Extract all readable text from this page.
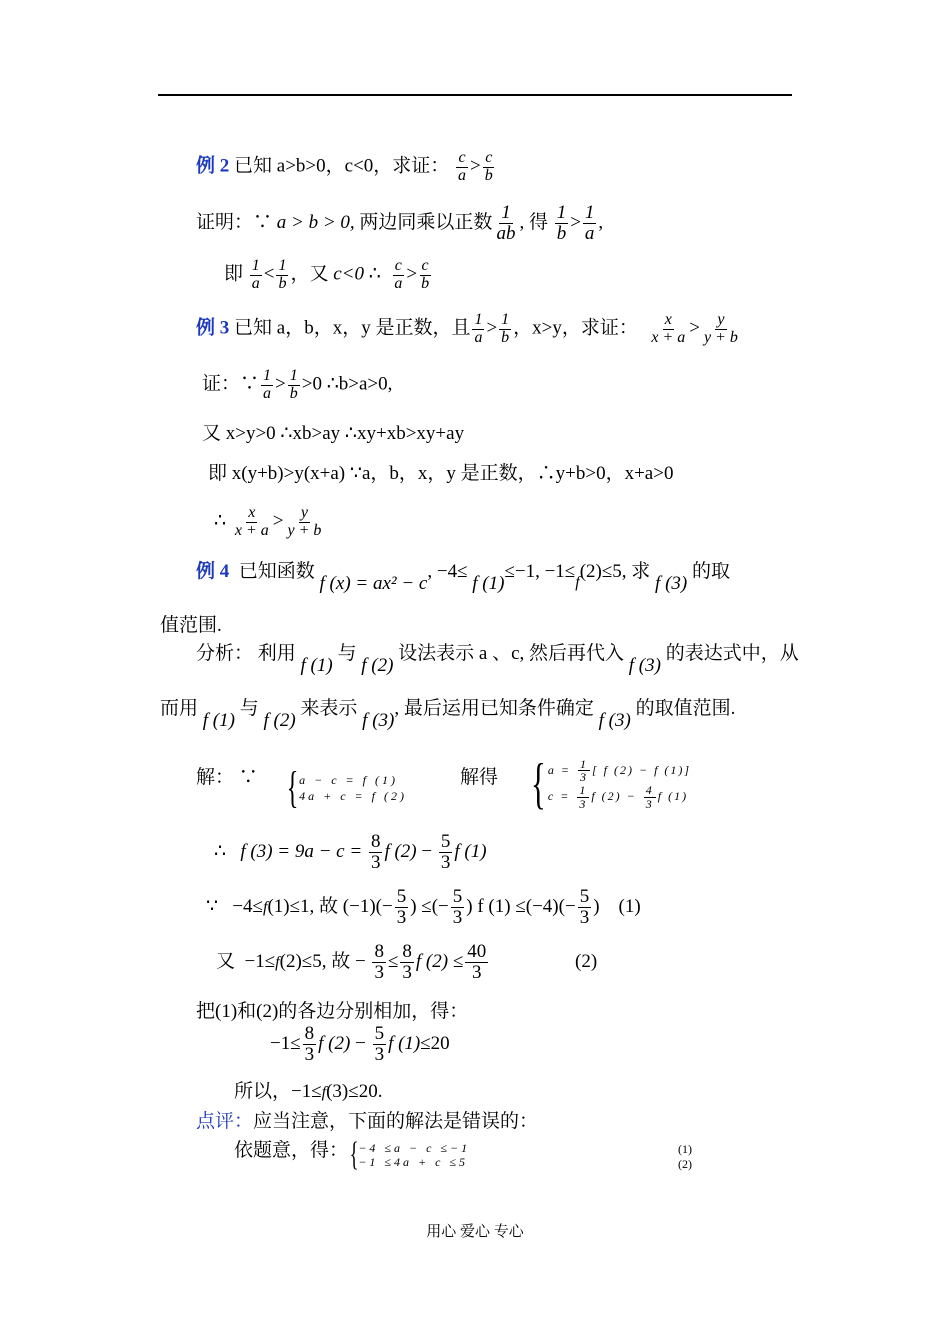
例 2 已知 a>b>0，c<0，求证： $\frac{c}{a} > \frac{c}{b}$
证明：∵ a > b > 0, 两边同乘以正数 $\frac{1}{ab}$ , 得 $\frac{1}{b} > \frac{1}{a}$ ,
即 $\frac{1}{a} < \frac{1}{b}$ ，又 c<0 ∴ $\frac{c}{a} > \frac{c}{b}$
例 3 已知 a，b，x，y 是正数，且 $\frac{1}{a} > \frac{1}{b}$ ，x>y，求证： $\frac{x}{x + a} > \frac{y}{y + b}$
证：∵ $\frac{1}{a} > \frac{1}{b} >0$ ∴b>a>0,
又 x>y>0 ∴xb>ay ∴xy+xb>xy+ay
即 x(y+b)>y(x+a) ∵a，b，x，y 是正数，∴y+b>0，x+a>0
∴ $\frac{x}{x + a} > \frac{y}{y + b}$
例 4 已知函数 f (x) = ax² − c, −4≤ f (1)≤−1, $-1\le_f(2)\le 5$, 求 f (3) 的取
值范围.
分析： 利用 f (1) 与 f (2) 设法表示 a 、c, 然后再代入 f (3) 的表达式中，从
而用 f (1) 与 f (2) 来表示 f (3), 最后运用已知条件确定 f (3) 的取值范围.
解： ∵ { a − c = f (1)
4a + c = f (2)
解得 { $a = \frac{1}{3}$ [ f (2) − f (1)]
$c = \frac{1}{3}$ f $(2) - \frac{4}{3}$ f (1)
∴   f $(3) = 9a - c = \frac{8}{3}$ f $(2) - \frac{5}{3}$ f (1)
∵ −4≤f(1)≤1, 故 $(-1)(- \frac{5}{3}$ ) ≤(− $\frac{5}{3}$ ) f $(1) \le(-4)(- \frac{5}{3}$ ) (1)
又 −1≤f(2)≤5, 故 − $\frac{8}{3} \le \frac{8}{3}$ f $(2) \le \frac{40}{3}$	(2)
把(1)和(2)的各边分别相加，得：
$-1\le \frac{8}{3}$ f $(2) - \frac{5}{3}$ f (1)≤20
所以，−1≤f(3)≤20.
点评：应当注意，下面的解法是错误的：
依题意，得： { −4 ≤a − c ≤−1
−1 ≤4a + c ≤5
(1)
(2)
用心 爱心 专心
